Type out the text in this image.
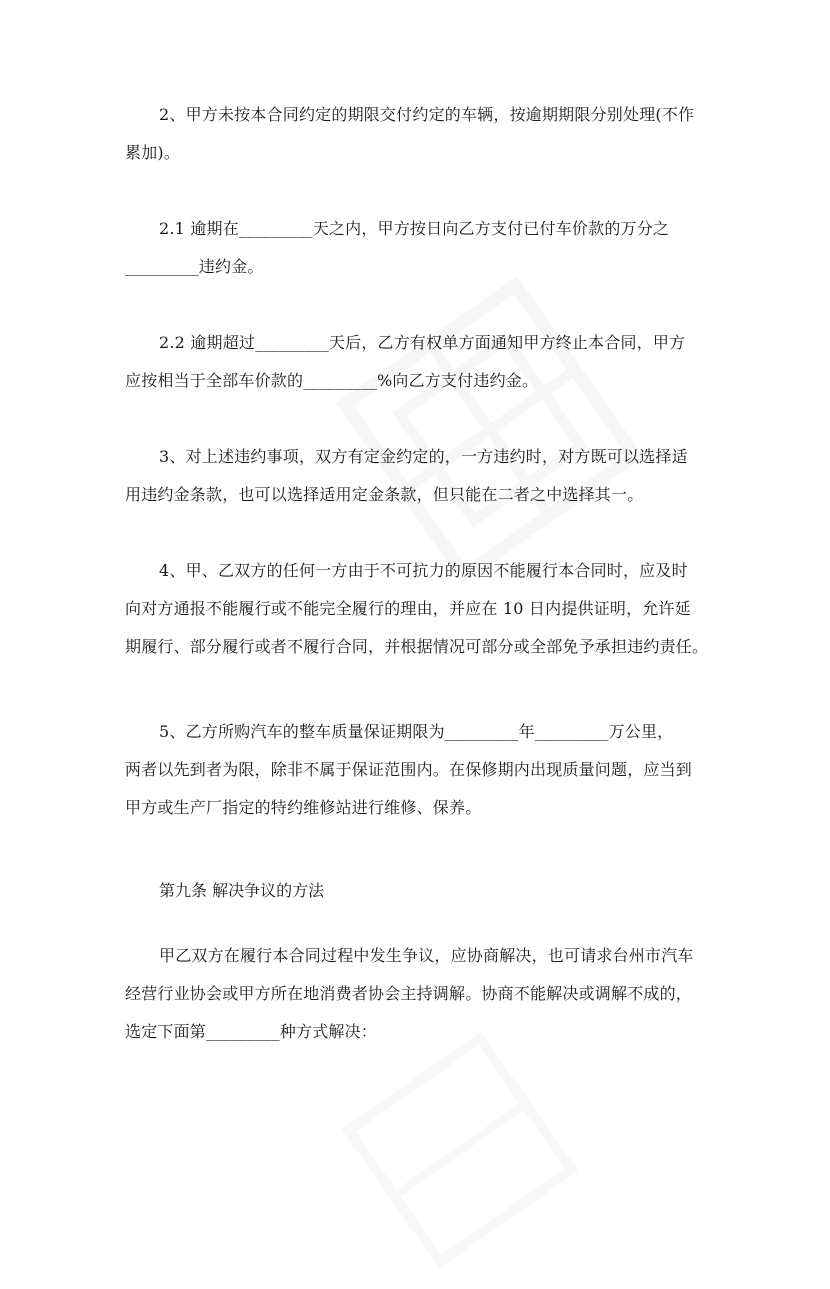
2、甲方未按本合同约定的期限交付约定的车辆，按逾期期限分别处理(不作
累加)。

2.1 逾期在_________天之内，甲方按日向乙方支付已付车价款的万分之
_________违约金。

2.2 逾期超过_________天后，乙方有权单方面通知甲方终止本合同，甲方
应按相当于全部车价款的_________%向乙方支付违约金。

3、对上述违约事项，双方有定金约定的，一方违约时，对方既可以选择适
用违约金条款，也可以选择适用定金条款，但只能在二者之中选择其一。

4、甲、乙双方的任何一方由于不可抗力的原因不能履行本合同时，应及时
向对方通报不能履行或不能完全履行的理由，并应在 10 日内提供证明，允许延
期履行、部分履行或者不履行合同，并根据情况可部分或全部免予承担违约责任。

5、乙方所购汽车的整车质量保证期限为_________年_________万公里，
两者以先到者为限，除非不属于保证范围内。在保修期内出现质量问题，应当到
甲方或生产厂指定的特约维修站进行维修、保养。

第九条 解决争议的方法

甲乙双方在履行本合同过程中发生争议，应协商解决，也可请求台州市汽车
经营行业协会或甲方所在地消费者协会主持调解。协商不能解决或调解不成的，
选定下面第_________种方式解决：
